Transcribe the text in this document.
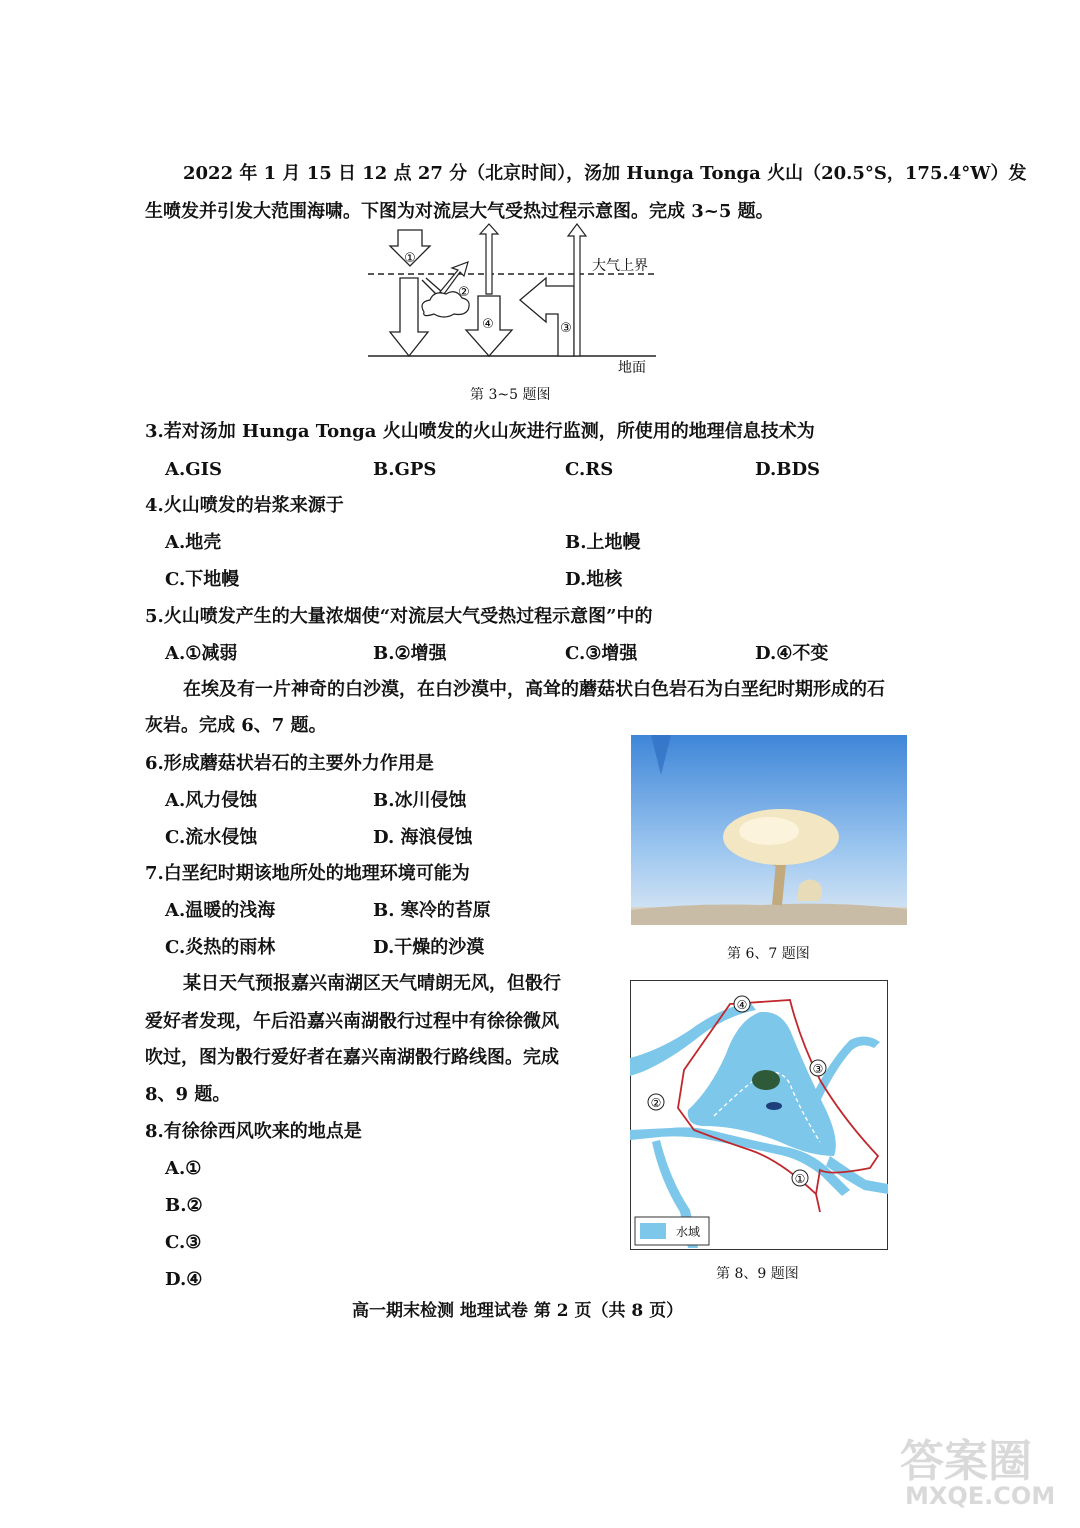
2022 年 1 月 15 日 12 点 27 分（北京时间），汤加 Hunga Tonga 火山（20.5°S，175.4°W）发
生喷发并引发大范围海啸。下图为对流层大气受热过程示意图。完成 3~5 题。
①
②
③
④
大气上界
地面
第 3~5 题图
3.若对汤加 Hunga Tonga 火山喷发的火山灰进行监测，所使用的地理信息技术为
A.GIS	B.GPS	C.RS	D.BDS
4.火山喷发的岩浆来源于
A.地壳	B.上地幔
C.下地幔	D.地核
5.火山喷发产生的大量浓烟使“对流层大气受热过程示意图”中的
A.①减弱	B.②增强	C.③增强	D.④不变
在埃及有一片神奇的白沙漠，在白沙漠中，高耸的蘑菇状白色岩石为白垩纪时期形成的石
灰岩。完成 6、7 题。
6.形成蘑菇状岩石的主要外力作用是
A.风力侵蚀	B.冰川侵蚀
C.流水侵蚀	D. 海浪侵蚀
7.白垩纪时期该地所处的地理环境可能为
A.温暖的浅海	B. 寒冷的苔原
C.炎热的雨林	D.干燥的沙漠	第 6、7 题图
某日天气预报嘉兴南湖区天气晴朗无风，但骰行
爱好者发现，午后沿嘉兴南湖骰行过程中有徐徐微风
吹过，图为骰行爱好者在嘉兴南湖骰行路线图。完成
8、9 题。
8.有徐徐西风吹来的地点是
A.①
B.②
C.③
D.④
④
③
②
①
水域
第 8、9 题图
高一期末检测 地理试卷 第 2 页（共 8 页）
答案圈
MXQE.COM
